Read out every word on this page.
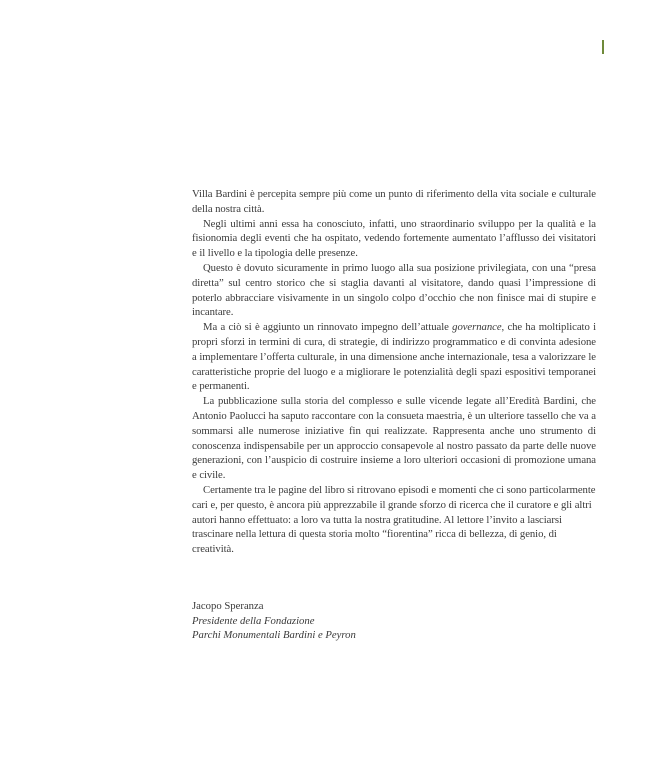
Villa Bardini è percepita sempre più come un punto di riferimento della vita sociale e culturale della nostra città.

Negli ultimi anni essa ha conosciuto, infatti, uno straordinario sviluppo per la qualità e la fisionomia degli eventi che ha ospitato, vedendo fortemente aumentato l’afflusso dei visitatori e il livello e la tipologia delle presenze.

Questo è dovuto sicuramente in primo luogo alla sua posizione privilegiata, con una “presa diretta” sul centro storico che si staglia davanti al visitatore, dando quasi l’impressione di poterlo abbracciare visivamente in un singolo colpo d’occhio che non finisce mai di stupire e incantare.

Ma a ciò si è aggiunto un rinnovato impegno dell’attuale governance, che ha moltiplicato i propri sforzi in termini di cura, di strategie, di indirizzo programmatico e di convinta adesione a implementare l’offerta culturale, in una dimensione anche internazionale, tesa a valorizzare le caratteristiche proprie del luogo e a migliorare le potenzialità degli spazi espositivi temporanei e permanenti.

La pubblicazione sulla storia del complesso e sulle vicende legate all’Eredità Bardini, che Antonio Paolucci ha saputo raccontare con la consueta maestria, è un ulteriore tassello che va a sommarsi alle numerose iniziative fin qui realizzate. Rappresenta anche uno strumento di conoscenza indispensabile per un approccio consapevole al nostro passato da parte delle nuove generazioni, con l’auspicio di costruire insieme a loro ulteriori occasioni di promozione umana e civile.

Certamente tra le pagine del libro si ritrovano episodi e momenti che ci sono particolarmente cari e, per questo, è ancora più apprezzabile il grande sforzo di ricerca che il curatore e gli altri autori hanno effettuato: a loro va tutta la nostra gratitudine. Al lettore l’invito a lasciarsi trascinare nella lettura di questa storia molto “fiorentina” ricca di bellezza, di genio, di creatività.

Jacopo Speranza
Presidente della Fondazione
Parchi Monumentali Bardini e Peyron
